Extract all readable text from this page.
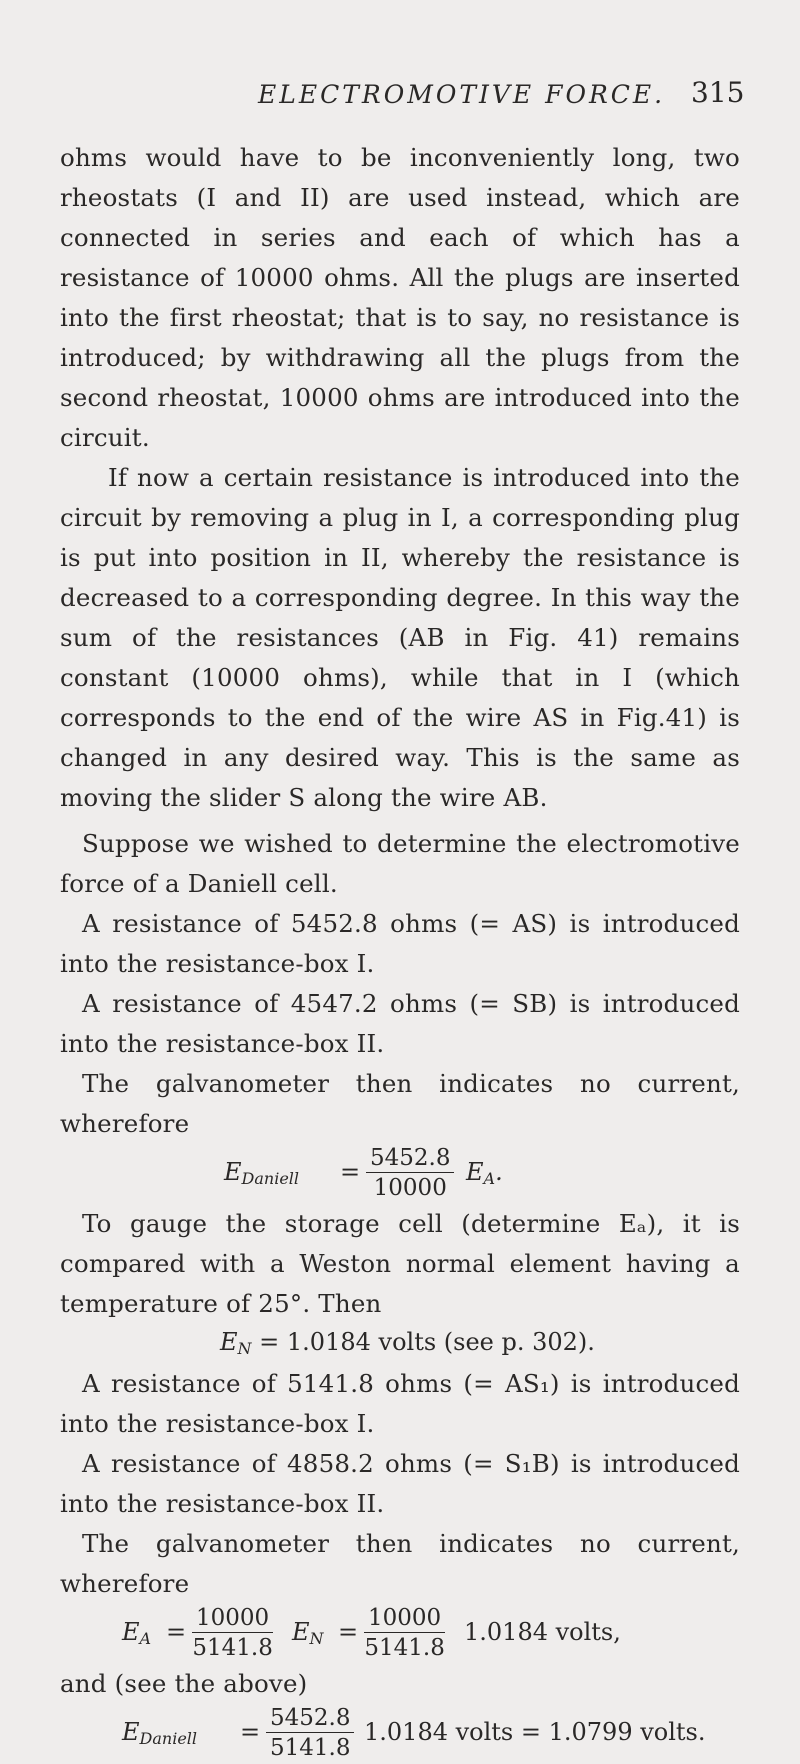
ELECTROMOTIVE FORCE. 315

ohms would have to be inconveniently long, two rheostats (I and II) are used instead, which are connected in series and each of which has a resistance of 10000 ohms. All the plugs are inserted into the first rheostat; that is to say, no resistance is introduced; by withdrawing all the plugs from the second rheostat, 10000 ohms are introduced into the circuit.

If now a certain resistance is introduced into the circuit by removing a plug in I, a corresponding plug is put into position in II, whereby the resistance is decreased to a corresponding degree. In this way the sum of the resistances (AB in Fig. 41) remains constant (10000 ohms), while that in I (which corresponds to the end of the wire AS in Fig.41) is changed in any desired way. This is the same as moving the slider S along the wire AB.

Suppose we wished to determine the electromotive force of a Daniell cell.

A resistance of 5452.8 ohms (= AS) is introduced into the resistance-box I.

A resistance of 4547.2 ohms (= SB) is introduced into the resistance-box II.

The galvanometer then indicates no current, wherefore

$E_{Daniell} = \frac{5452.8}{10000} E_A$.

To gauge the storage cell (determine Eₐ), it is compared with a Weston normal element having a temperature of 25°. Then

$E_N = 1.0184$ volts (see p. 302).

A resistance of 5141.8 ohms (= AS₁) is introduced into the resistance-box I.

A resistance of 4858.2 ohms (= S₁B) is introduced into the resistance-box II.

The galvanometer then indicates no current, wherefore

$E_A = \frac{10000}{5141.8} E_N = \frac{10000}{5141.8} 1.0184$ volts,

and (see the above)

$E_{Daniell} = \frac{5452.8}{5141.8} 1.0184$ volts = 1.0799 volts.
